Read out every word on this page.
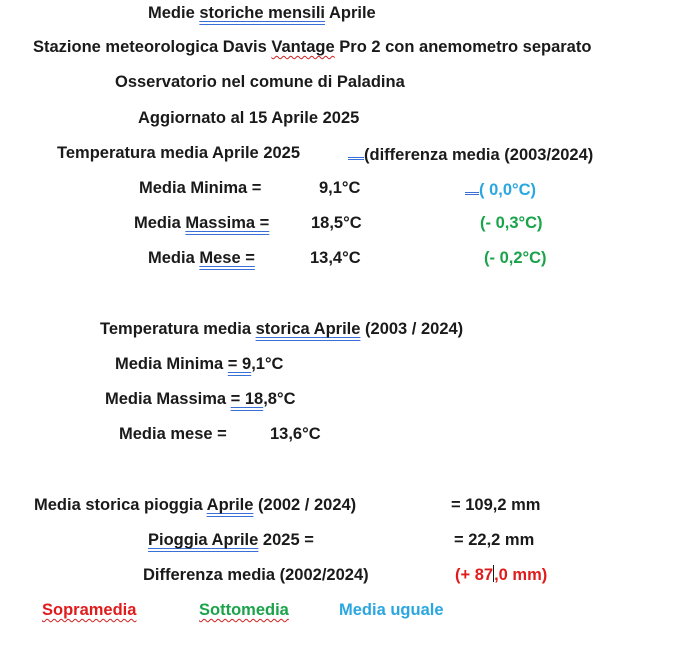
Medie storiche mensili Aprile
Stazione meteorologica Davis Vantage Pro 2 con anemometro separato
Osservatorio nel comune di Paladina
Aggiornato al 15 Aprile 2025
Temperatura media Aprile 2025	(differenza media (2003/2024)
Media Minima =	9,1°C	( 0,0°C)
Media Massima =	18,5°C	(- 0,3°C)
Media Mese =	13,4°C	(- 0,2°C)
Temperatura media storica Aprile (2003 / 2024)
Media Minima = 9,1°C
Media Massima = 18,8°C
Media mese =	13,6°C
Media storica pioggia Aprile (2002 / 2024)	= 109,2 mm
Pioggia Aprile 2025 =	= 22,2 mm
Differenza media (2002/2024)	(+ 87,0 mm)
Sopramedia	Sottomedia	Media uguale
